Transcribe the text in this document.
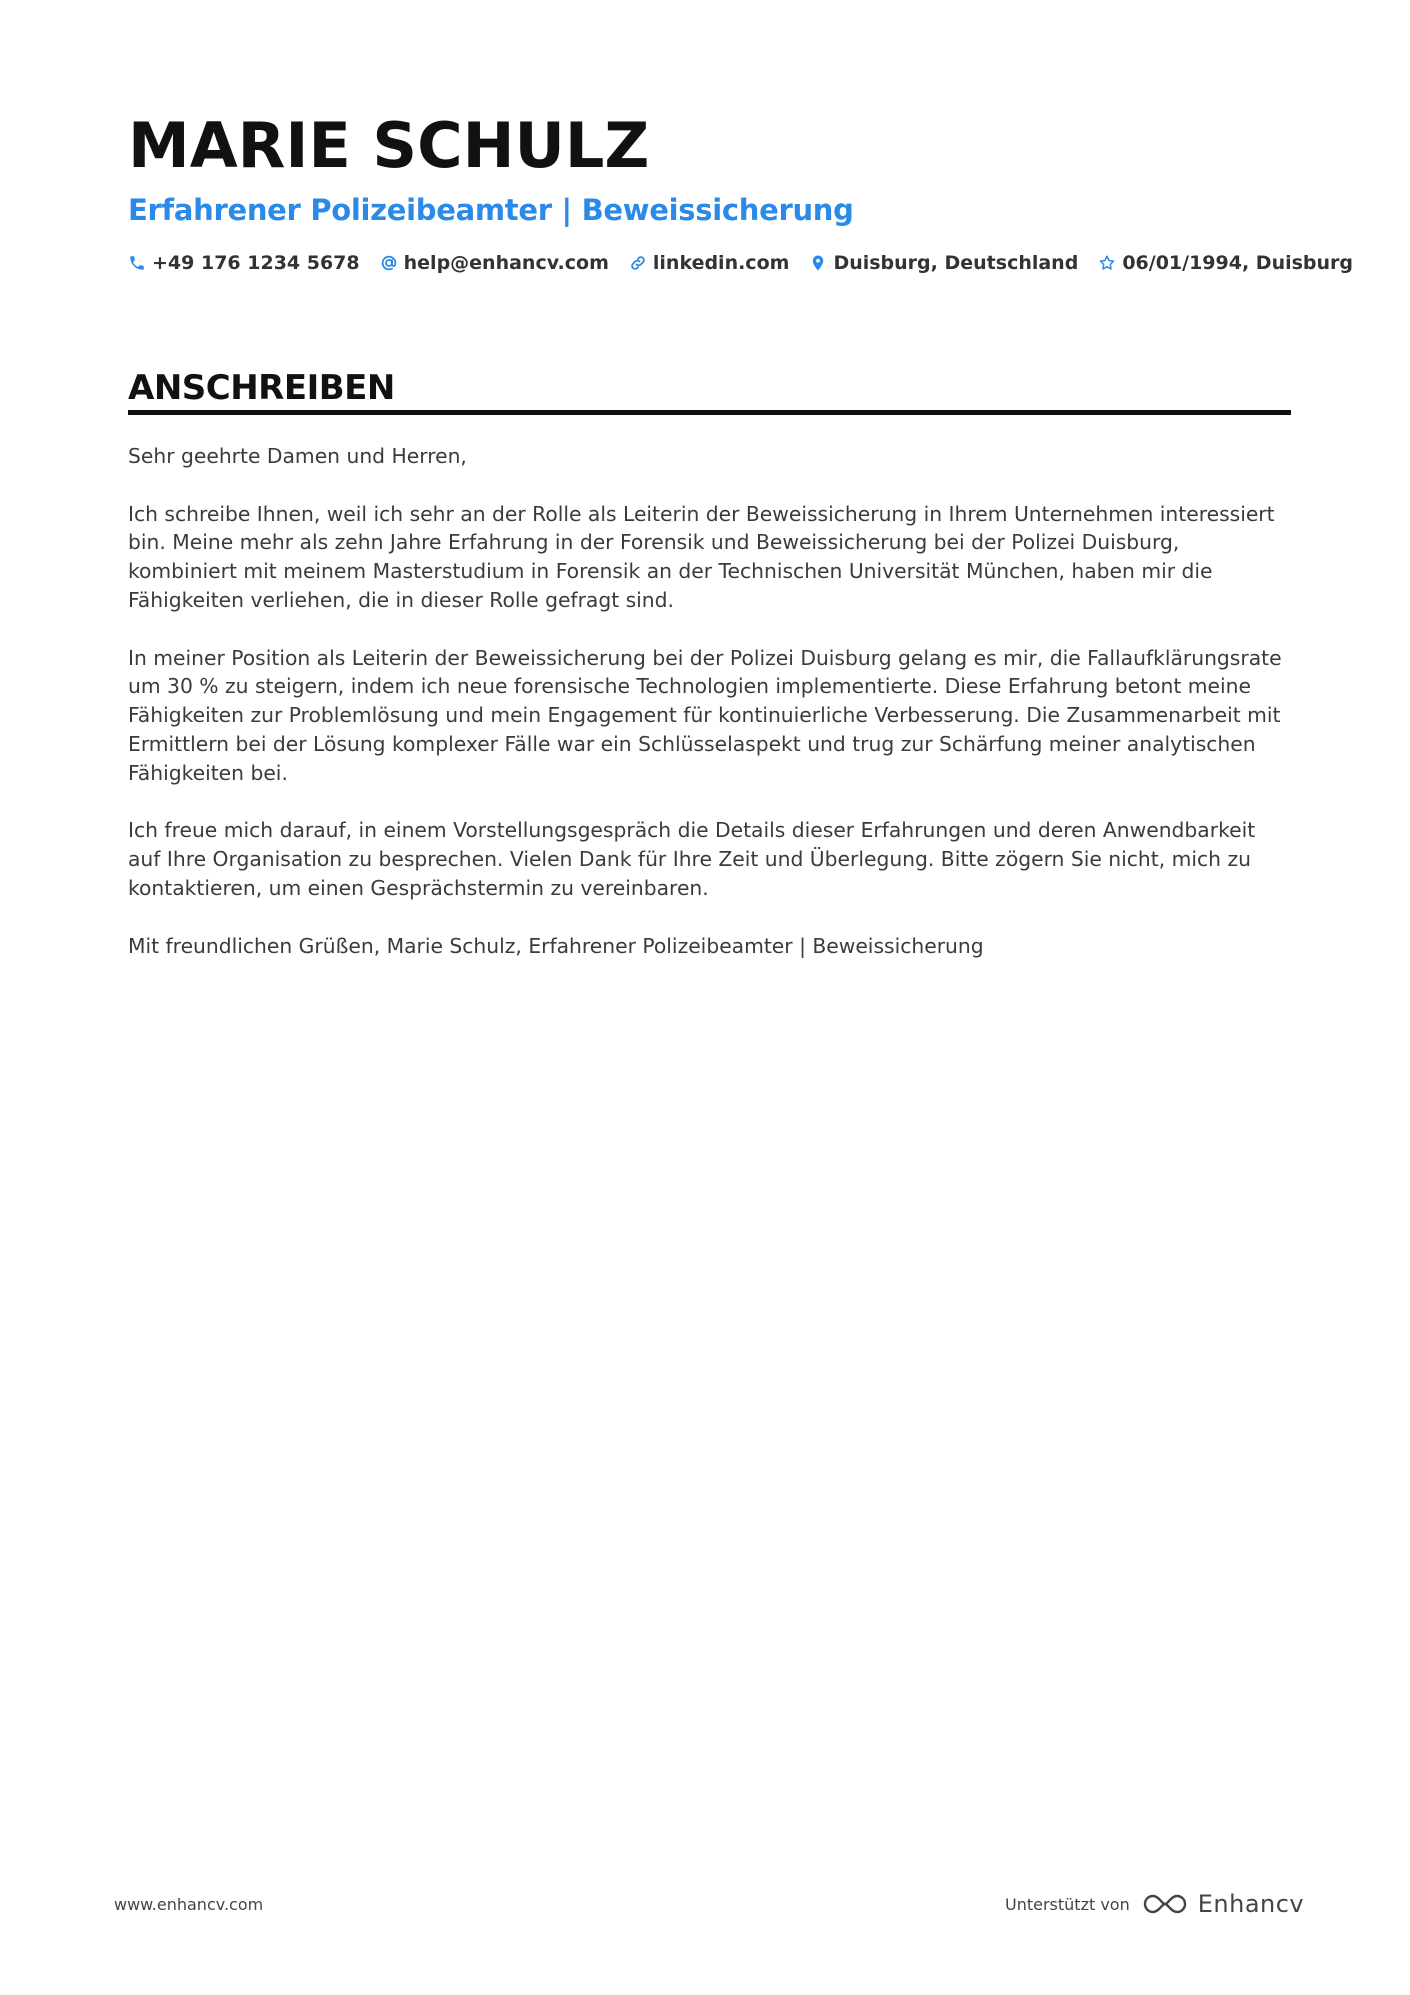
MARIE SCHULZ
Erfahrener Polizeibeamter | Beweissicherung
+49 176 1234 5678 help@enhancv.com linkedin.com Duisburg, Deutschland 06/01/1994, Duisburg
ANSCHREIBEN

Sehr geehrte Damen und Herren,

Ich schreibe Ihnen, weil ich sehr an der Rolle als Leiterin der Beweissicherung in Ihrem Unternehmen interessiert bin. Meine mehr als zehn Jahre Erfahrung in der Forensik und Beweissicherung bei der Polizei Duisburg, kombiniert mit meinem Masterstudium in Forensik an der Technischen Universität München, haben mir die Fähigkeiten verliehen, die in dieser Rolle gefragt sind.

In meiner Position als Leiterin der Beweissicherung bei der Polizei Duisburg gelang es mir, die Fallaufklärungsrate um 30 % zu steigern, indem ich neue forensische Technologien implementierte. Diese Erfahrung betont meine Fähigkeiten zur Problemlösung und mein Engagement für kontinuierliche Verbesserung. Die Zusammenarbeit mit Ermittlern bei der Lösung komplexer Fälle war ein Schlüsselaspekt und trug zur Schärfung meiner analytischen Fähigkeiten bei.

Ich freue mich darauf, in einem Vorstellungsgespräch die Details dieser Erfahrungen und deren Anwendbarkeit auf Ihre Organisation zu besprechen. Vielen Dank für Ihre Zeit und Überlegung. Bitte zögern Sie nicht, mich zu kontaktieren, um einen Gesprächstermin zu vereinbaren.

Mit freundlichen Grüßen, Marie Schulz, Erfahrener Polizeibeamter | Beweissicherung

www.enhancv.com	Unterstützt von	Enhancv
